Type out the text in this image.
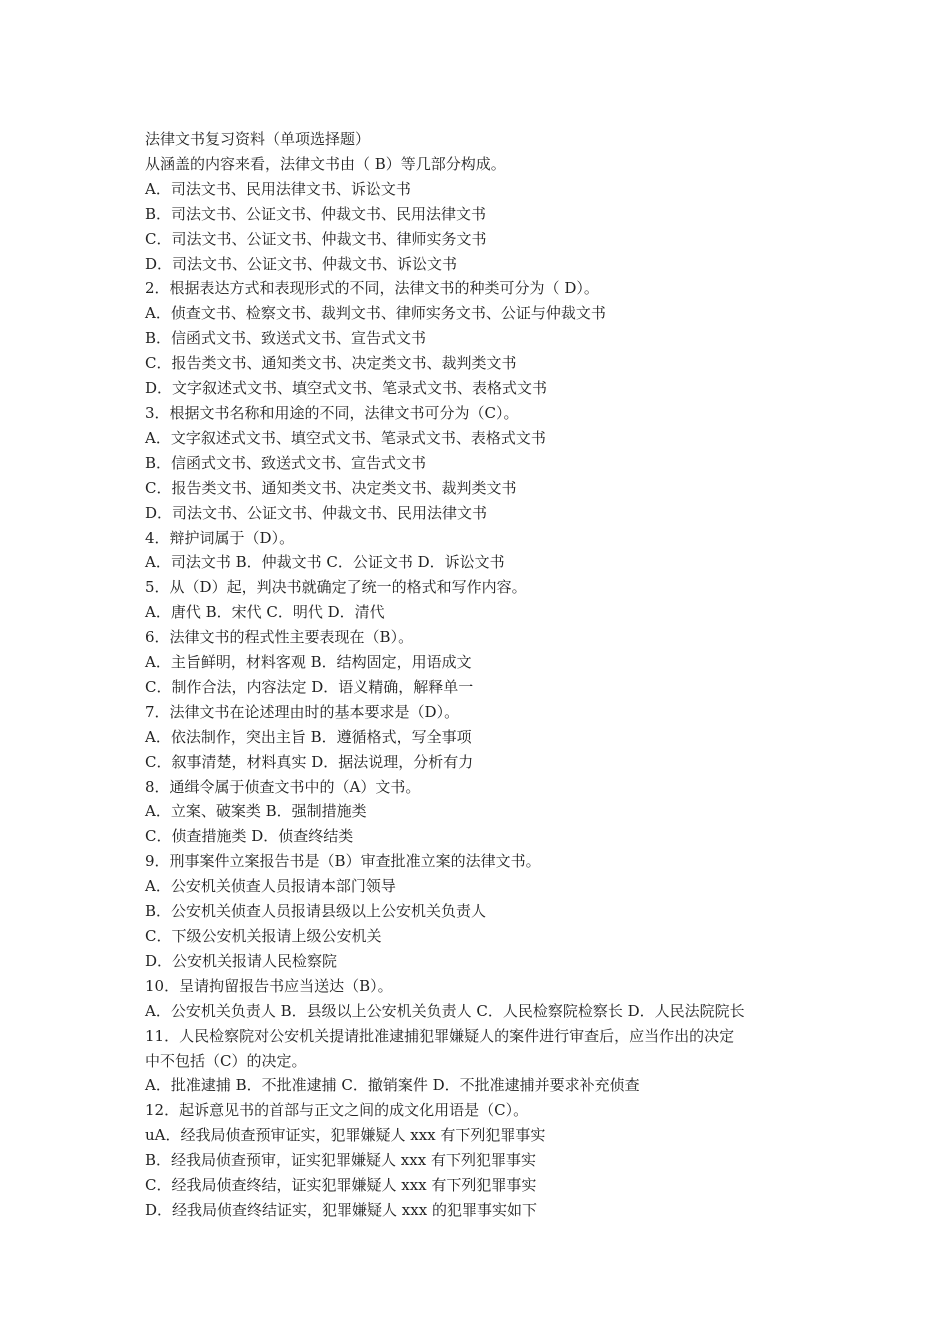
法律文书复习资料（单项选择题）

从涵盖的内容来看，法律文书由（ B）等几部分构成。

A．司法文书、民用法律文书、诉讼文书

B．司法文书、公证文书、仲裁文书、民用法律文书

C．司法文书、公证文书、仲裁文书、律师实务文书

D．司法文书、公证文书、仲裁文书、诉讼文书

2．根据表达方式和表现形式的不同，法律文书的种类可分为（ D）。

A．侦查文书、检察文书、裁判文书、律师实务文书、公证与仲裁文书

B．信函式文书、致送式文书、宣告式文书

C．报告类文书、通知类文书、决定类文书、裁判类文书

D．文字叙述式文书、填空式文书、笔录式文书、表格式文书

3．根据文书名称和用途的不同，法律文书可分为（C）。

A．文字叙述式文书、填空式文书、笔录式文书、表格式文书

B．信函式文书、致送式文书、宣告式文书

C．报告类文书、通知类文书、决定类文书、裁判类文书

D．司法文书、公证文书、仲裁文书、民用法律文书

4．辩护词属于（D）。

A．司法文书 B．仲裁文书 C．公证文书 D．诉讼文书

5．从（D）起，判决书就确定了统一的格式和写作内容。

A．唐代 B．宋代 C．明代 D．清代

6．法律文书的程式性主要表现在（B）。

A．主旨鲜明，材料客观 B．结构固定，用语成文

C．制作合法，内容法定 D．语义精确，解释单一

7．法律文书在论述理由时的基本要求是（D）。

A．依法制作，突出主旨 B．遵循格式，写全事项

C．叙事清楚，材料真实 D．据法说理，分析有力

8．通缉令属于侦查文书中的（A）文书。

A．立案、破案类 B．强制措施类

C．侦查措施类 D．侦查终结类

9．刑事案件立案报告书是（B）审查批准立案的法律文书。

A．公安机关侦查人员报请本部门领导

B．公安机关侦查人员报请县级以上公安机关负责人

C．下级公安机关报请上级公安机关

D．公安机关报请人民检察院

10．呈请拘留报告书应当送达（B）。

A．公安机关负责人 B．县级以上公安机关负责人 C．人民检察院检察长 D．人民法院院长

11．人民检察院对公安机关提请批准逮捕犯罪嫌疑人的案件进行审查后，应当作出的决定

中不包括（C）的决定。

A．批准逮捕 B．不批准逮捕 C．撤销案件 D．不批准逮捕并要求补充侦查

12．起诉意见书的首部与正文之间的成文化用语是（C）。

uA．经我局侦查预审证实，犯罪嫌疑人 xxx 有下列犯罪事实

B．经我局侦查预审，证实犯罪嫌疑人 xxx 有下列犯罪事实

C．经我局侦查终结，证实犯罪嫌疑人 xxx 有下列犯罪事实

D．经我局侦查终结证实，犯罪嫌疑人 xxx 的犯罪事实如下
